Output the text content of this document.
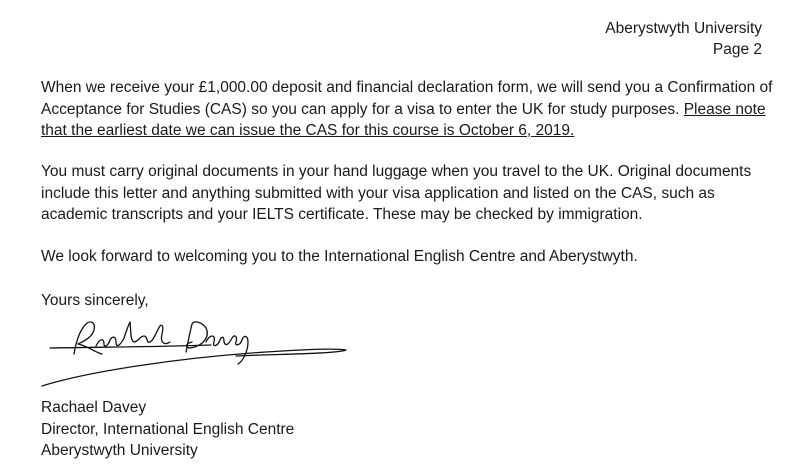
Aberystwyth University
Page 2

When we receive your £1,000.00 deposit and financial declaration form, we will send you a Confirmation of Acceptance for Studies (CAS) so you can apply for a visa to enter the UK for study purposes. Please note that the earliest date we can issue the CAS for this course is October 6, 2019.

You must carry original documents in your hand luggage when you travel to the UK. Original documents include this letter and anything submitted with your visa application and listed on the CAS, such as academic transcripts and your IELTS certificate. These may be checked by immigration.

We look forward to welcoming you to the International English Centre and Aberystwyth.

Yours sincerely,
Rachael Davey
Director, International English Centre
Aberystwyth University
